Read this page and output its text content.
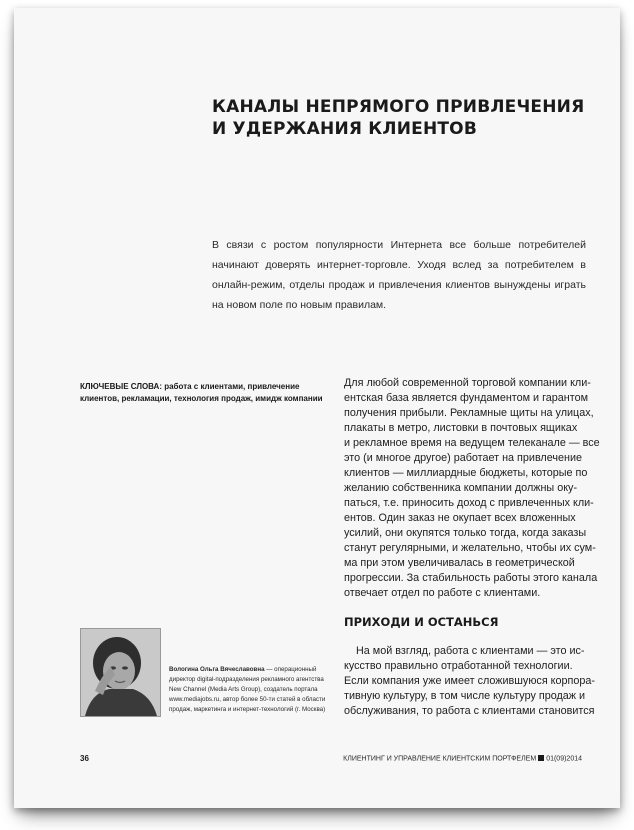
КАНАЛЫ НЕПРЯМОГО ПРИВЛЕЧЕНИЯ
И УДЕРЖАНИЯ КЛИЕНТОВ
В связи с ростом популярности Интернета все больше потребителей начинают доверять интернет-торговле. Уходя вслед за потребителем в онлайн-режим, отделы продаж и привлечения клиентов вынуждены играть на новом поле по новым правилам.
КЛЮЧЕВЫЕ СЛОВА: работа с клиентами, привлечение клиентов, рекламации, технология продаж, имидж компании
Для любой современной торговой компании кли-
ентская база является фундаментом и гарантом
получения прибыли. Рекламные щиты на улицах,
плакаты в метро, листовки в почтовых ящиках
и рекламное время на ведущем телеканале — все
это (и многое другое) работает на привлечение
клиентов — миллиардные бюджеты, которые по
желанию собственника компании должны оку-
паться, т.е. приносить доход с привлеченных кли-
ентов. Один заказ не окупает всех вложенных
усилий, они окупятся только тогда, когда заказы
станут регулярными, и желательно, чтобы их сум-
ма при этом увеличивалась в геометрической
прогрессии. За стабильность работы этого канала
отвечает отдел по работе с клиентами.
ПРИХОДИ И ОСТАНЬСЯ
На мой взгляд, работа с клиентами — это ис-
кусство правильно отработанной технологии.
Если компания уже имеет сложившуюся корпора-
тивную культуру, в том числе культуру продаж и
обслуживания, то работа с клиентами становится
Вологина Ольга Вячеславовна — операционный директор digital-подразделения рекламного агентства New Channel (Media Arts Group), создатель портала www.mediajobs.ru, автор более 50-ти статей в области продаж, маркетинга и интернет-технологий (г. Москва)
36	КЛИЕНТИНГ И УПРАВЛЕНИЕ КЛИЕНТСКИМ ПОРТФЕЛЕМ 01(09)2014
